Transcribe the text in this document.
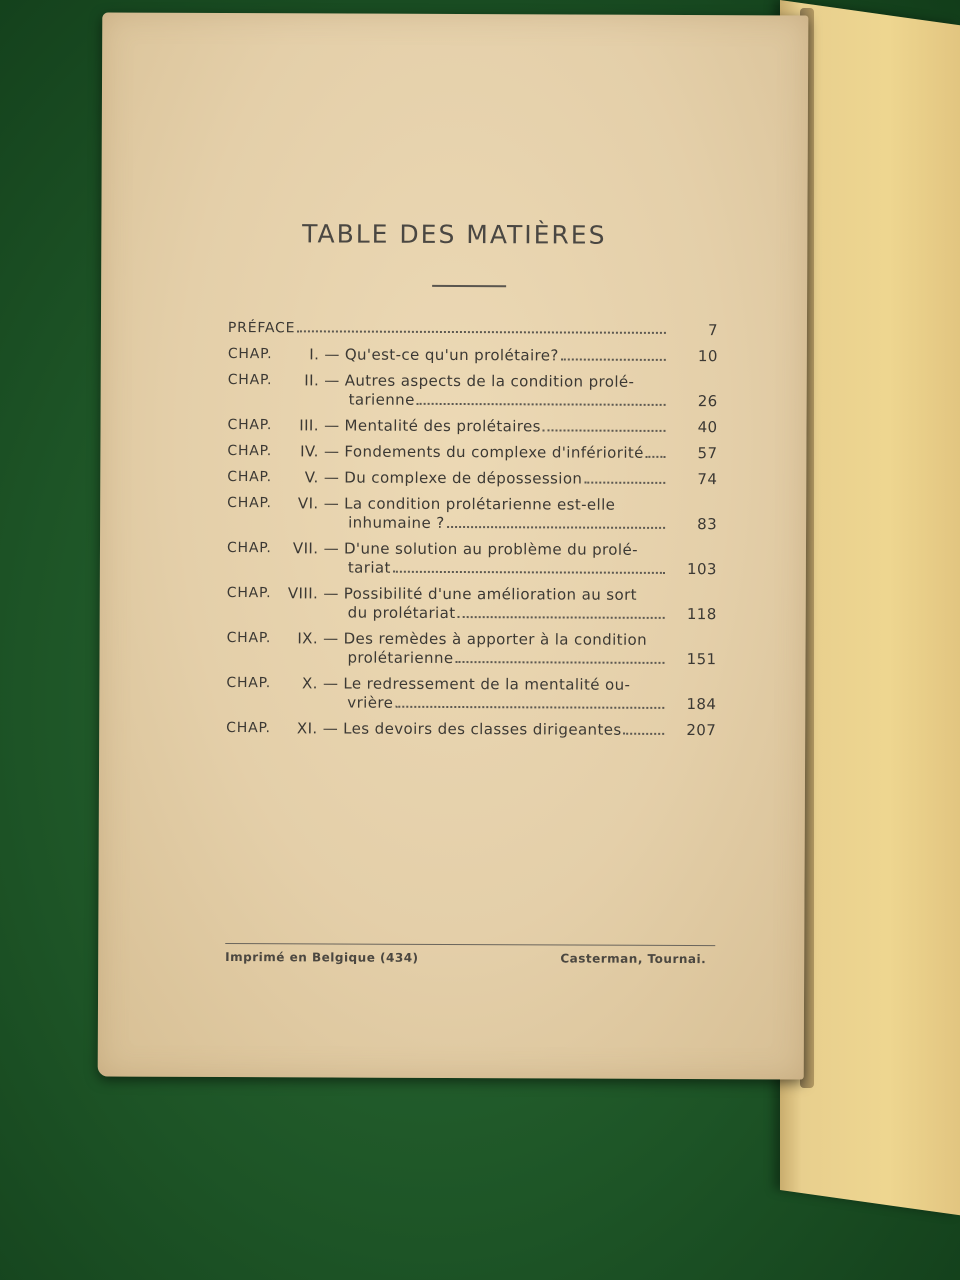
TABLE DES MATIÈRES
PRÉFACE	7
CHAP.	I. — Qu'est-ce qu'un prolétaire?	10
CHAP.	II. — Autres aspects de la condition prolé-
tarienne	26
CHAP.	III. — Mentalité des prolétaires	40
CHAP.	IV. — Fondements du complexe d'infériorité	57
CHAP.	V. — Du complexe de dépossession	74
CHAP.	VI. — La condition prolétarienne est-elle
inhumaine ?	83
CHAP.	VII. — D'une solution au problème du prolé-
tariat	103
CHAP.	VIII. — Possibilité d'une amélioration au sort
du prolétariat	118
CHAP.	IX. — Des remèdes à apporter à la condition
prolétarienne	151
CHAP.	X. — Le redressement de la mentalité ou-
vrière	184
CHAP.	XI. — Les devoirs des classes dirigeantes	207
Imprimé en Belgique (434)	Casterman, Tournai.
